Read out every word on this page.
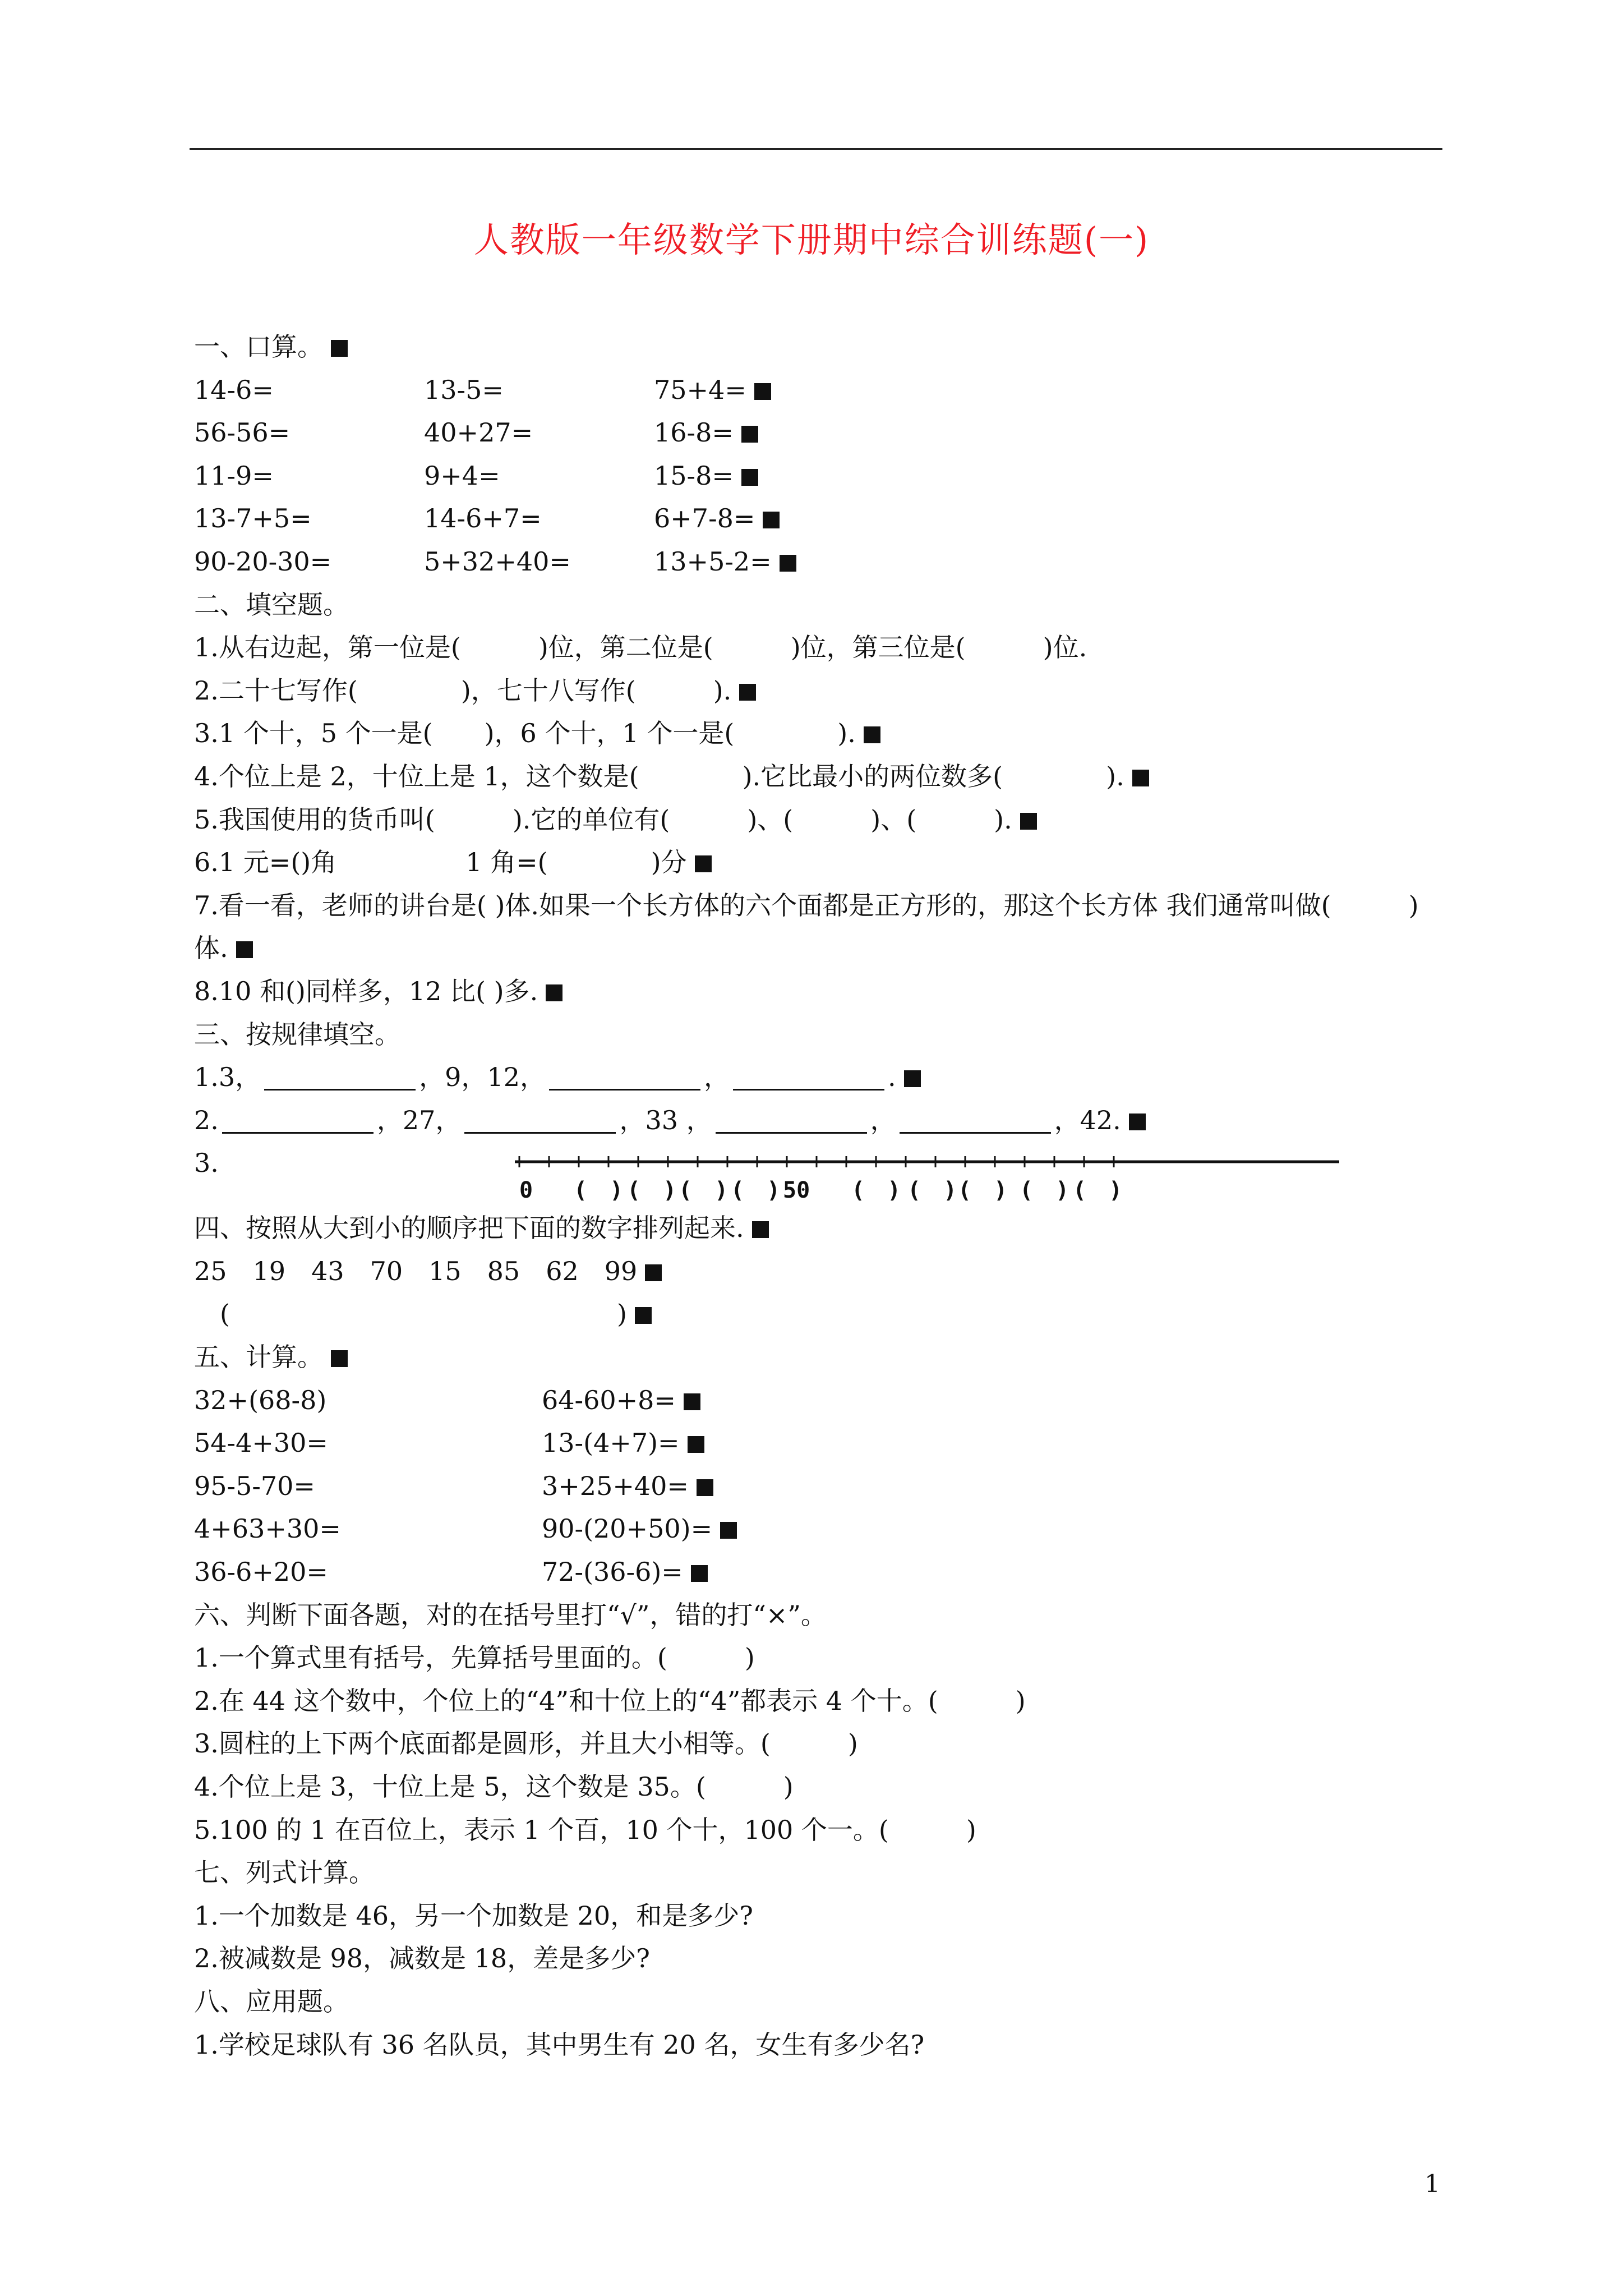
人教版一年级数学下册期中综合训练题(一)
一、口算。
14-6=	13-5=	75+4=
56-56=	40+27=	16-8=
11-9=	9+4=	15-8=
13-7+5=	14-6+7=	6+7-8=
90-20-30=	5+32+40=	13+5-2=
二、填空题。
1.从右边起，第一位是(　　　)位，第二位是(　　　)位，第三位是(　　　)位.
2.二十七写作(　　　　)，七十八写作(　　　).
3.1 个十，5 个一是(　　)，6 个十，1 个一是(　　　　).
4.个位上是 2，十位上是 1，这个数是(　　　　).它比最小的两位数多(　　　　).
5.我国使用的货币叫(　　　).它的单位有(　　　)、(　　　)、(　　　).
6.1 元=()角　　　　　1 角=(　　　　)分
7.看一看，老师的讲台是( )体.如果一个长方体的六个面都是正方形的，那这个长方体 我们通常叫做(　　　)体.
8.10 和()同样多，12 比( )多.
三、按规律填空。
1.3，	，9，12，	，	.
2.	，27，	，33 ，	，	，42.
3.
0 (　) (　) (　) (　) 50 (　) (　) (　) (　) (　)
四、按照从大到小的顺序把下面的数字排列起来.
25　19　43　70　15　85　62　99
　(　　　　　　　　　　　　　　　)
五、计算。
32+(68-8)	64-60+8=
54-4+30=	13-(4+7)=
95-5-70=	3+25+40=
4+63+30=	90-(20+50)=
36-6+20=	72-(36-6)=
六、判断下面各题，对的在括号里打“√”，错的打“×”。
1.一个算式里有括号，先算括号里面的。(　　　)
2.在 44 这个数中，个位上的“4”和十位上的“4”都表示 4 个十。(　　　)
3.圆柱的上下两个底面都是圆形，并且大小相等。(　　　)
4.个位上是 3，十位上是 5，这个数是 35。(　　　)
5.100 的 1 在百位上，表示 1 个百，10 个十，100 个一。(　　　)
七、列式计算。
1.一个加数是 46，另一个加数是 20，和是多少?
2.被减数是 98，减数是 18，差是多少?
八、应用题。
1.学校足球队有 36 名队员，其中男生有 20 名，女生有多少名?
1
